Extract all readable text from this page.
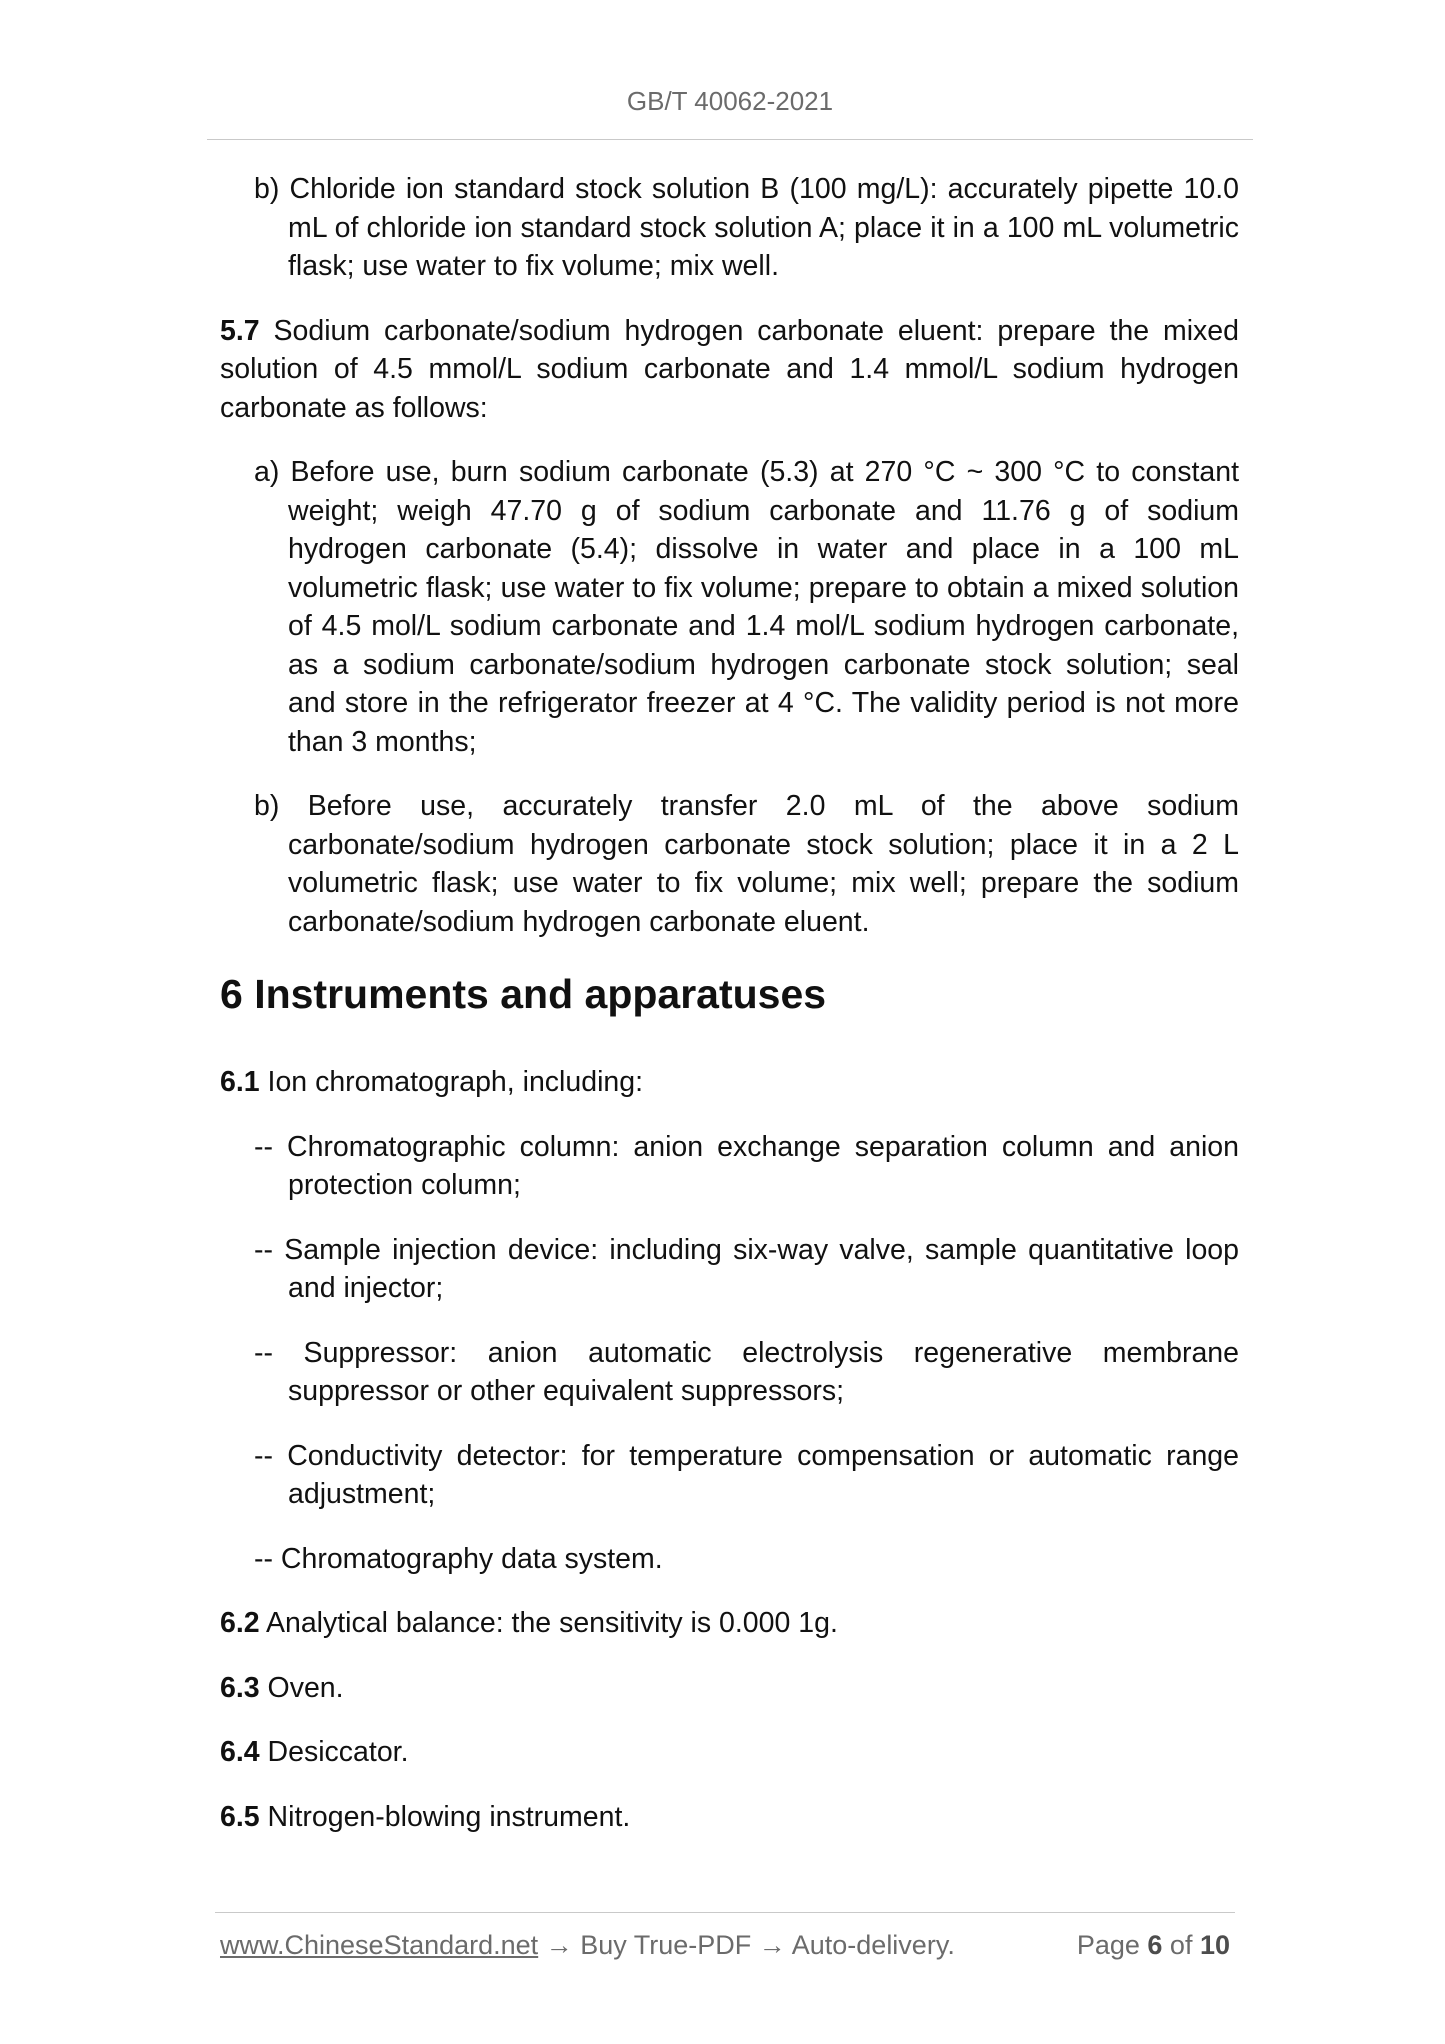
GB/T 40062-2021

b) Chloride ion standard stock solution B (100 mg/L): accurately pipette 10.0 mL of chloride ion standard stock solution A; place it in a 100 mL volumetric flask; use water to fix volume; mix well.

5.7 Sodium carbonate/sodium hydrogen carbonate eluent: prepare the mixed solution of 4.5 mmol/L sodium carbonate and 1.4 mmol/L sodium hydrogen carbonate as follows:

a) Before use, burn sodium carbonate (5.3) at 270 °C ~ 300 °C to constant weight; weigh 47.70 g of sodium carbonate and 11.76 g of sodium hydrogen carbonate (5.4); dissolve in water and place in a 100 mL volumetric flask; use water to fix volume; prepare to obtain a mixed solution of 4.5 mol/L sodium carbonate and 1.4 mol/L sodium hydrogen carbonate, as a sodium carbonate/sodium hydrogen carbonate stock solution; seal and store in the refrigerator freezer at 4 °C. The validity period is not more than 3 months;

b) Before use, accurately transfer 2.0 mL of the above sodium carbonate/sodium hydrogen carbonate stock solution; place it in a 2 L volumetric flask; use water to fix volume; mix well; prepare the sodium carbonate/sodium hydrogen carbonate eluent.

6 Instruments and apparatuses

6.1 Ion chromatograph, including:

-- Chromatographic column: anion exchange separation column and anion protection column;

-- Sample injection device: including six-way valve, sample quantitative loop and injector;

-- Suppressor: anion automatic electrolysis regenerative membrane suppressor or other equivalent suppressors;

-- Conductivity detector: for temperature compensation or automatic range adjustment;

-- Chromatography data system.

6.2 Analytical balance: the sensitivity is 0.000 1g.

6.3 Oven.

6.4 Desiccator.

6.5 Nitrogen-blowing instrument.

www.ChineseStandard.net → Buy True-PDF → Auto-delivery.	Page 6 of 10
